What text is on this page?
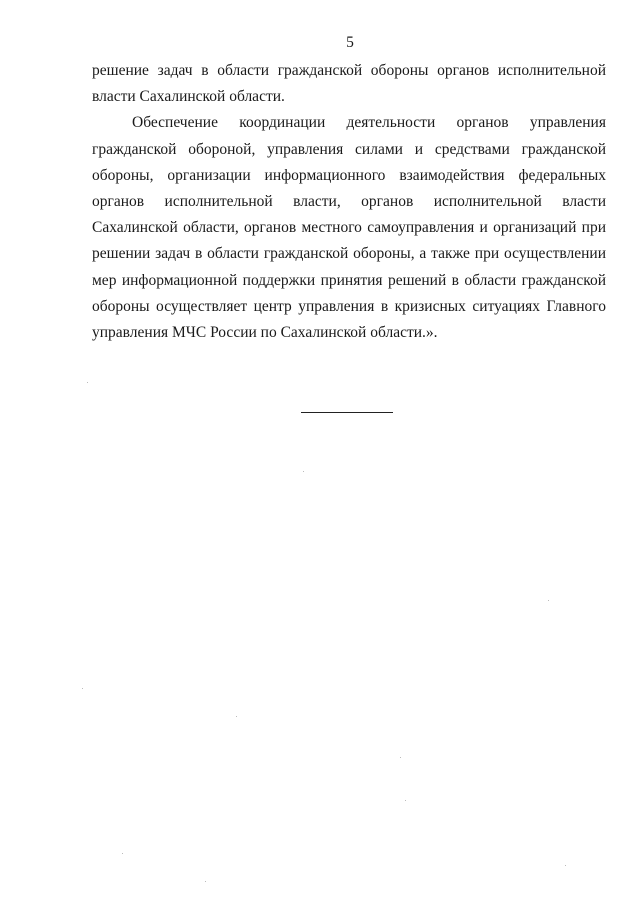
5
решение задач в области гражданской обороны органов исполнительной
власти Сахалинской области.
Обеспечение координации деятельности органов управления
гражданской обороной, управления силами и средствами гражданской
обороны, организации информационного взаимодействия федеральных
органов исполнительной власти, органов исполнительной власти
Сахалинской области, органов местного самоуправления и организаций при
решении задач в области гражданской обороны, а также при осуществлении
мер информационной поддержки принятия решений в области гражданской
обороны осуществляет центр управления в кризисных ситуациях Главного
управления МЧС России по Сахалинской области.».
